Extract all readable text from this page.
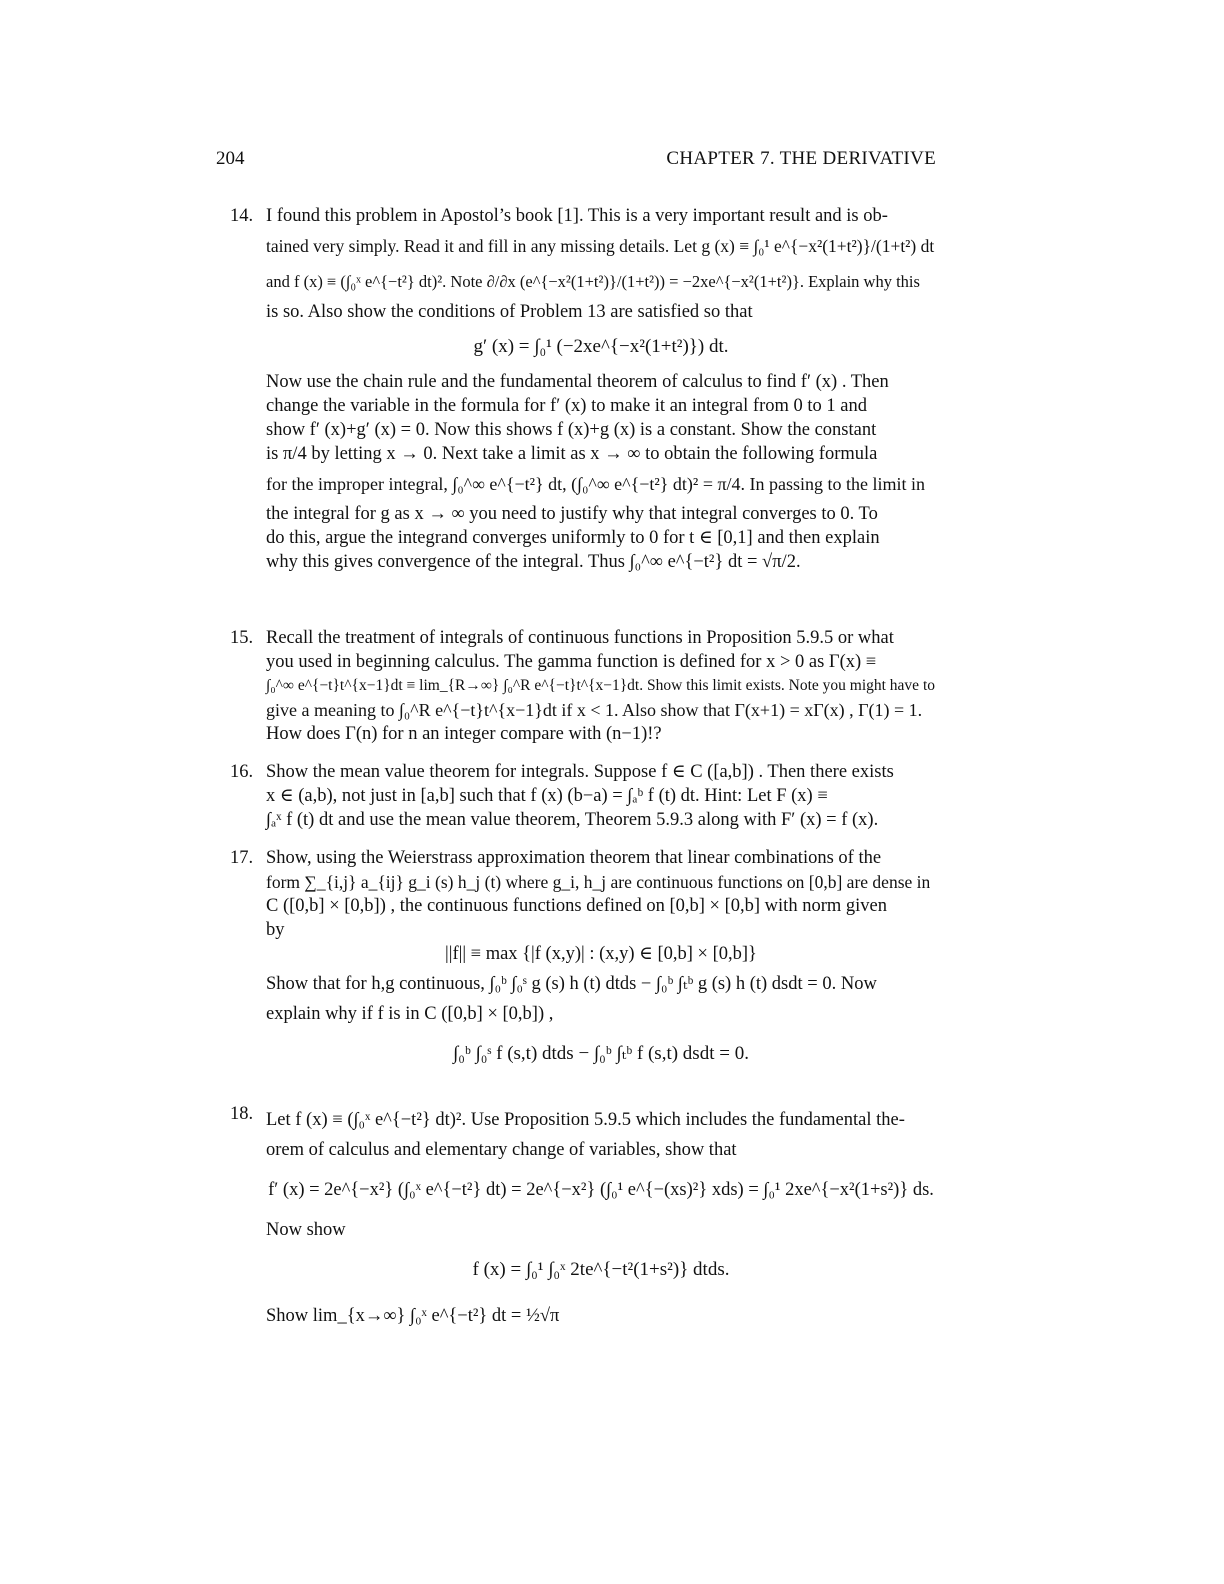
204	CHAPTER 7. THE DERIVATIVE
14. I found this problem in Apostol’s book [1]. This is a very important result and is ob-
tained very simply. Read it and fill in any missing details. Let g (x) ≡ ∫₀¹ e^{−x²(1+t²)}/(1+t²) dt
and f (x) ≡ (∫₀ˣ e^{−t²} dt)². Note ∂/∂x (e^{−x²(1+t²)}/(1+t²)) = −2xe^{−x²(1+t²)}. Explain why this
is so. Also show the conditions of Problem 13 are satisfied so that
g′ (x) = ∫₀¹ (−2xe^{−x²(1+t²)}) dt.
Now use the chain rule and the fundamental theorem of calculus to find f′ (x) . Then
change the variable in the formula for f′ (x) to make it an integral from 0 to 1 and
show f′ (x)+g′ (x) = 0. Now this shows f (x)+g (x) is a constant. Show the constant
is π/4 by letting x → 0. Next take a limit as x → ∞ to obtain the following formula
for the improper integral, ∫₀^∞ e^{−t²} dt, (∫₀^∞ e^{−t²} dt)² = π/4. In passing to the limit in
the integral for g as x → ∞ you need to justify why that integral converges to 0. To
do this, argue the integrand converges uniformly to 0 for t ∈ [0,1] and then explain
why this gives convergence of the integral. Thus ∫₀^∞ e^{−t²} dt = √π/2.
15. Recall the treatment of integrals of continuous functions in Proposition 5.9.5 or what
you used in beginning calculus. The gamma function is defined for x > 0 as Γ(x) ≡
∫₀^∞ e^{−t}t^{x−1}dt ≡ lim_{R→∞} ∫₀^R e^{−t}t^{x−1}dt. Show this limit exists. Note you might have to
give a meaning to ∫₀^R e^{−t}t^{x−1}dt if x < 1. Also show that Γ(x+1) = xΓ(x) , Γ(1) = 1.
How does Γ(n) for n an integer compare with (n−1)!?
16. Show the mean value theorem for integrals. Suppose f ∈ C ([a,b]) . Then there exists
x ∈ (a,b), not just in [a,b] such that f (x) (b−a) = ∫ₐᵇ f (t) dt. Hint: Let F (x) ≡
∫ₐˣ f (t) dt and use the mean value theorem, Theorem 5.9.3 along with F′ (x) = f (x).
17. Show, using the Weierstrass approximation theorem that linear combinations of the
form ∑_{i,j} a_{ij} g_i (s) h_j (t) where g_i, h_j are continuous functions on [0,b] are dense in
C ([0,b] × [0,b]) , the continuous functions defined on [0,b] × [0,b] with norm given
by
||f|| ≡ max {|f (x,y)| : (x,y) ∈ [0,b] × [0,b]}
Show that for h,g continuous, ∫₀ᵇ ∫₀ˢ g (s) h (t) dtds − ∫₀ᵇ ∫ₜᵇ g (s) h (t) dsdt = 0. Now
explain why if f is in C ([0,b] × [0,b]) ,
∫₀ᵇ ∫₀ˢ f (s,t) dtds − ∫₀ᵇ ∫ₜᵇ f (s,t) dsdt = 0.
18. Let f (x) ≡ (∫₀ˣ e^{−t²} dt)². Use Proposition 5.9.5 which includes the fundamental the-
orem of calculus and elementary change of variables, show that
f′ (x) = 2e^{−x²} (∫₀ˣ e^{−t²} dt) = 2e^{−x²} (∫₀¹ e^{−(xs)²} xds) = ∫₀¹ 2xe^{−x²(1+s²)} ds.
Now show
f (x) = ∫₀¹ ∫₀ˣ 2te^{−t²(1+s²)} dtds.
Show lim_{x→∞} ∫₀ˣ e^{−t²} dt = ½√π
